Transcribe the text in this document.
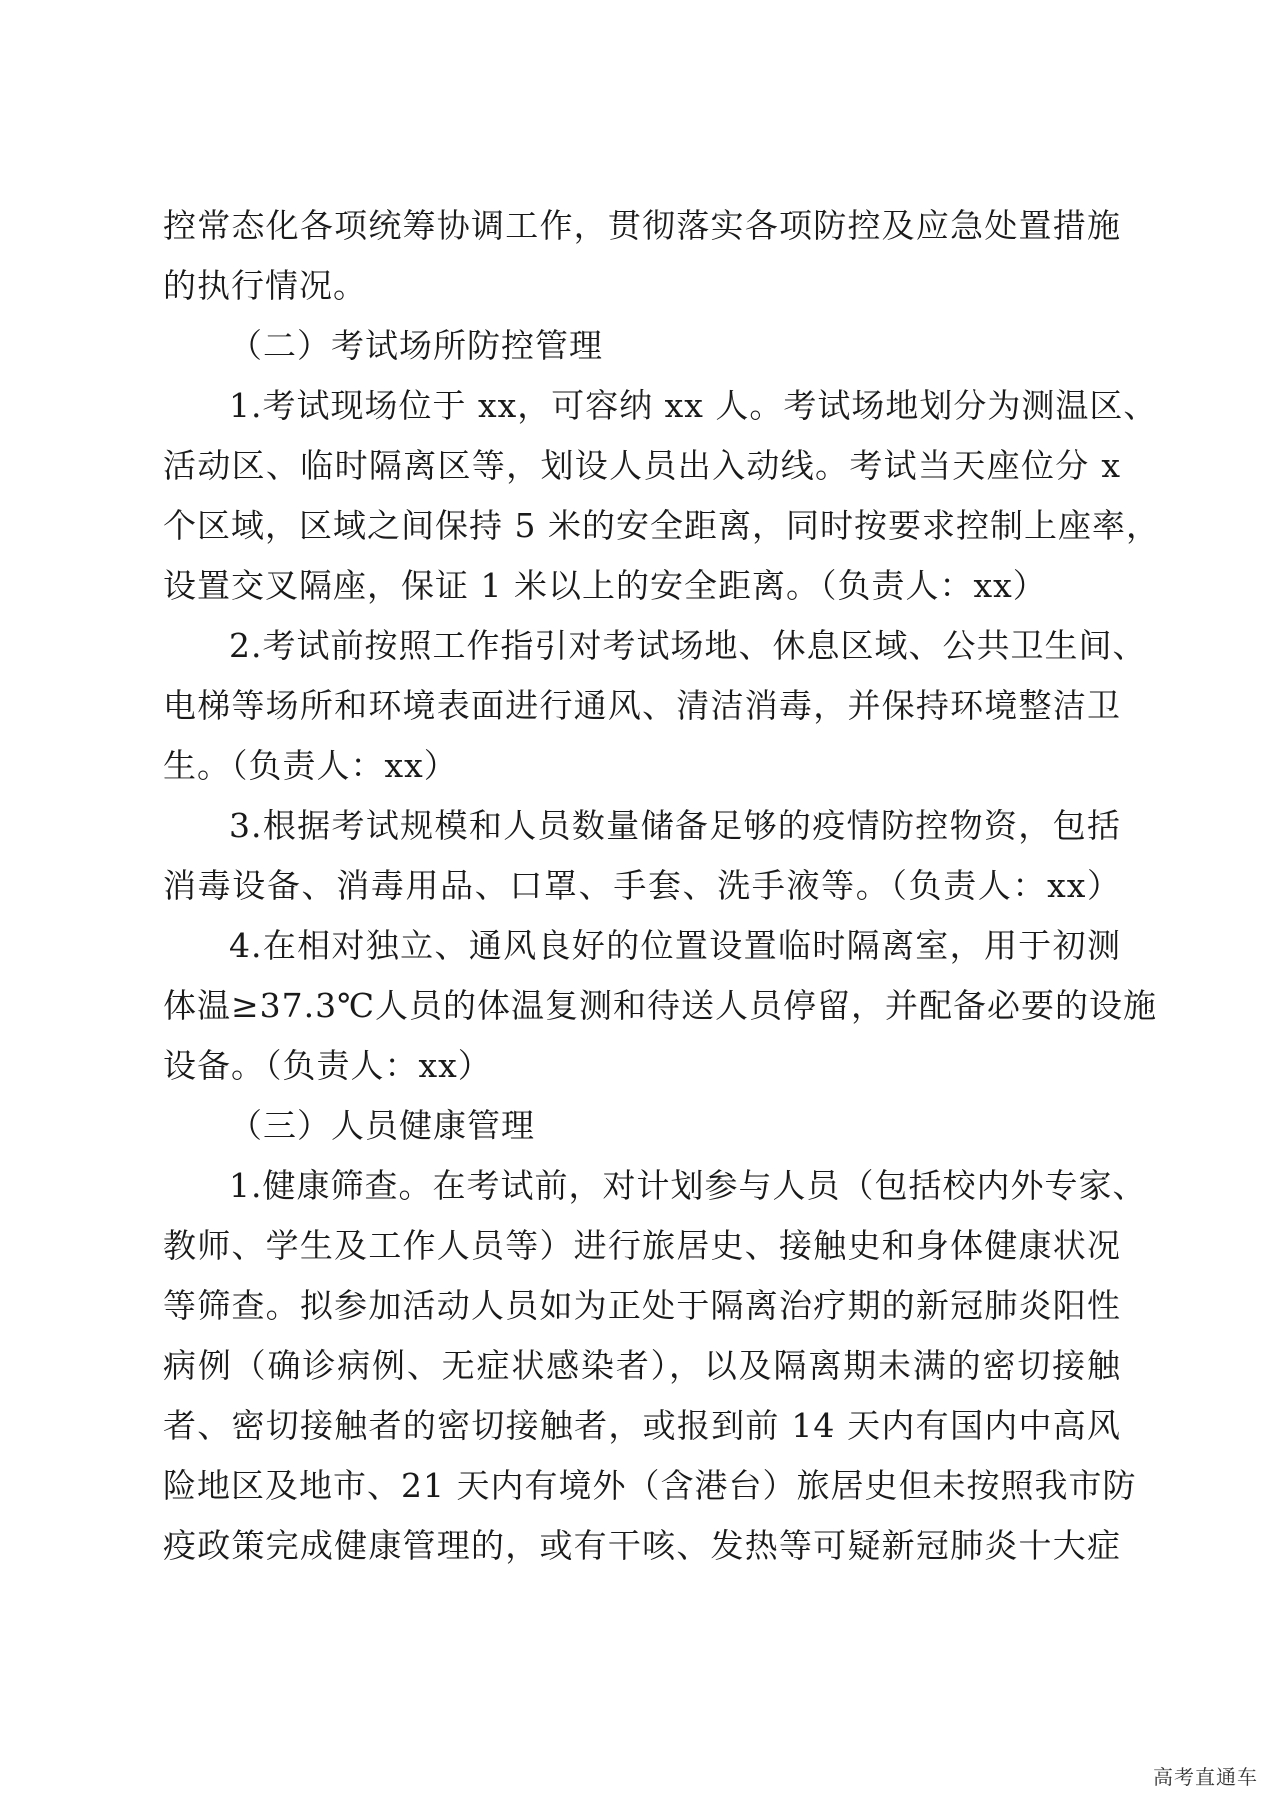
控常态化各项统筹协调工作，贯彻落实各项防控及应急处置措施
的执行情况。
（二）考试场所防控管理
1.考试现场位于 xx，可容纳 xx 人。考试场地划分为测温区、
活动区、临时隔离区等，划设人员出入动线。考试当天座位分 x
个区域，区域之间保持 5 米的安全距离，同时按要求控制上座率，
设置交叉隔座，保证 1 米以上的安全距离。（负责人：xx）
2.考试前按照工作指引对考试场地、休息区域、公共卫生间、
电梯等场所和环境表面进行通风、清洁消毒，并保持环境整洁卫
生。（负责人：xx）
3.根据考试规模和人员数量储备足够的疫情防控物资，包括
消毒设备、消毒用品、口罩、手套、洗手液等。（负责人：xx）
4.在相对独立、通风良好的位置设置临时隔离室，用于初测
体温≥37.3℃人员的体温复测和待送人员停留，并配备必要的设施
设备。（负责人：xx）
（三）人员健康管理
1.健康筛查。在考试前，对计划参与人员（包括校内外专家、
教师、学生及工作人员等）进行旅居史、接触史和身体健康状况
等筛查。拟参加活动人员如为正处于隔离治疗期的新冠肺炎阳性
病例（确诊病例、无症状感染者），以及隔离期未满的密切接触
者、密切接触者的密切接触者，或报到前 14 天内有国内中高风
险地区及地市、21 天内有境外（含港台）旅居史但未按照我市防
疫政策完成健康管理的，或有干咳、发热等可疑新冠肺炎十大症
高考直通车
